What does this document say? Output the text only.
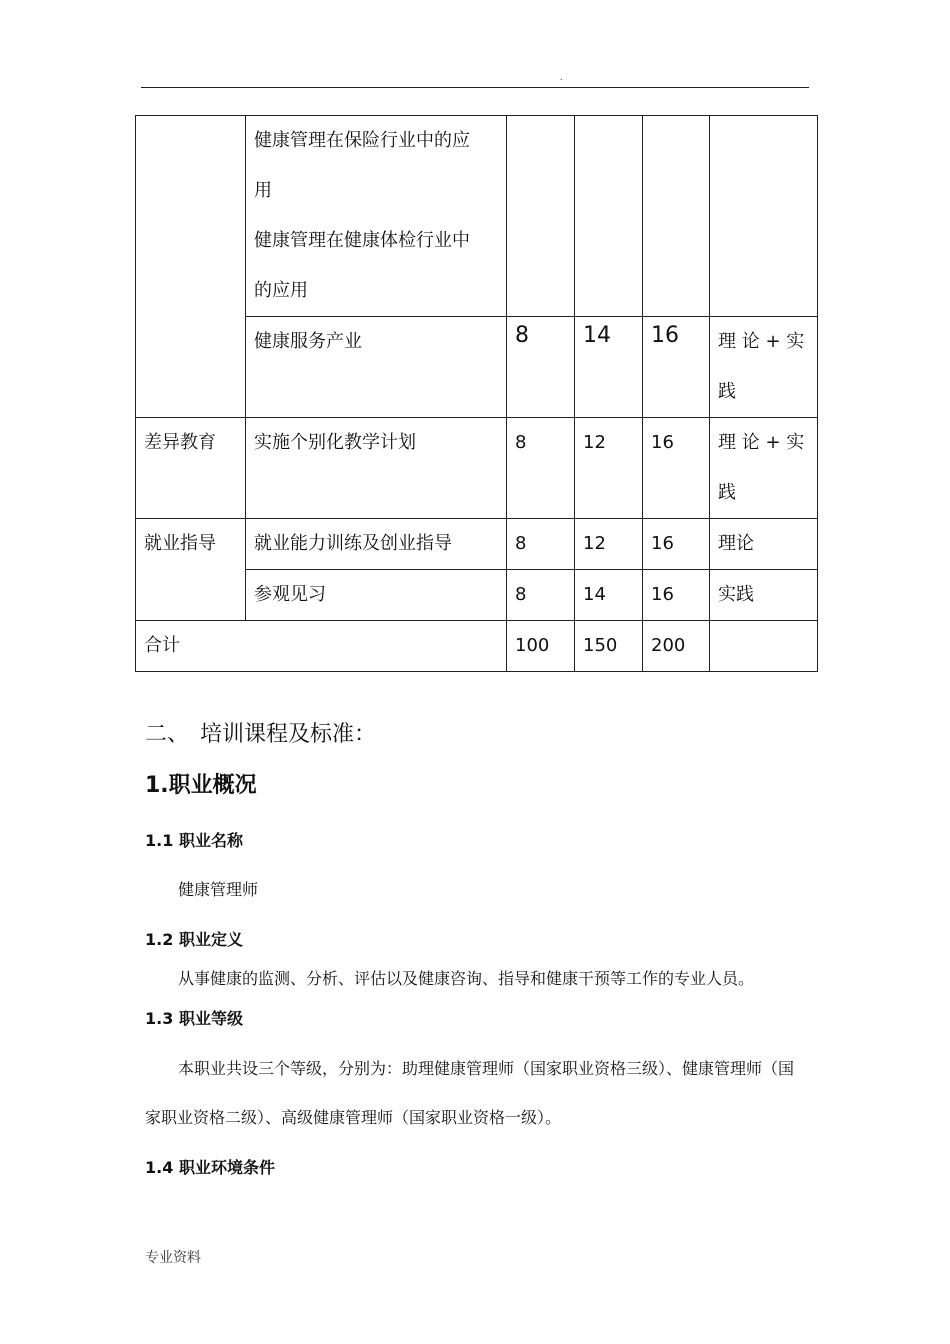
.

	健康管理在保险行业中的应
用
健康管理在健康体检行业中
的应用				

	健康服务产业	8	14	16	理 论 + 实
践

差异教育	实施个别化教学计划	8	12	16	理 论 + 实
践

就业指导	就业能力训练及创业指导	8	12	16	理论
	参观见习	8	14	16	实践
合计		100	150	200	
二、 培训课程及标准：
1.职业概况
1.1 职业名称
健康管理师
1.2 职业定义
从事健康的监测、分析、评估以及健康咨询、指导和健康干预等工作的专业人员。
1.3 职业等级
本职业共设三个等级，分别为：助理健康管理师（国家职业资格三级）、健康管理师（国
家职业资格二级）、高级健康管理师（国家职业资格一级）。
1.4 职业环境条件
专业资料
